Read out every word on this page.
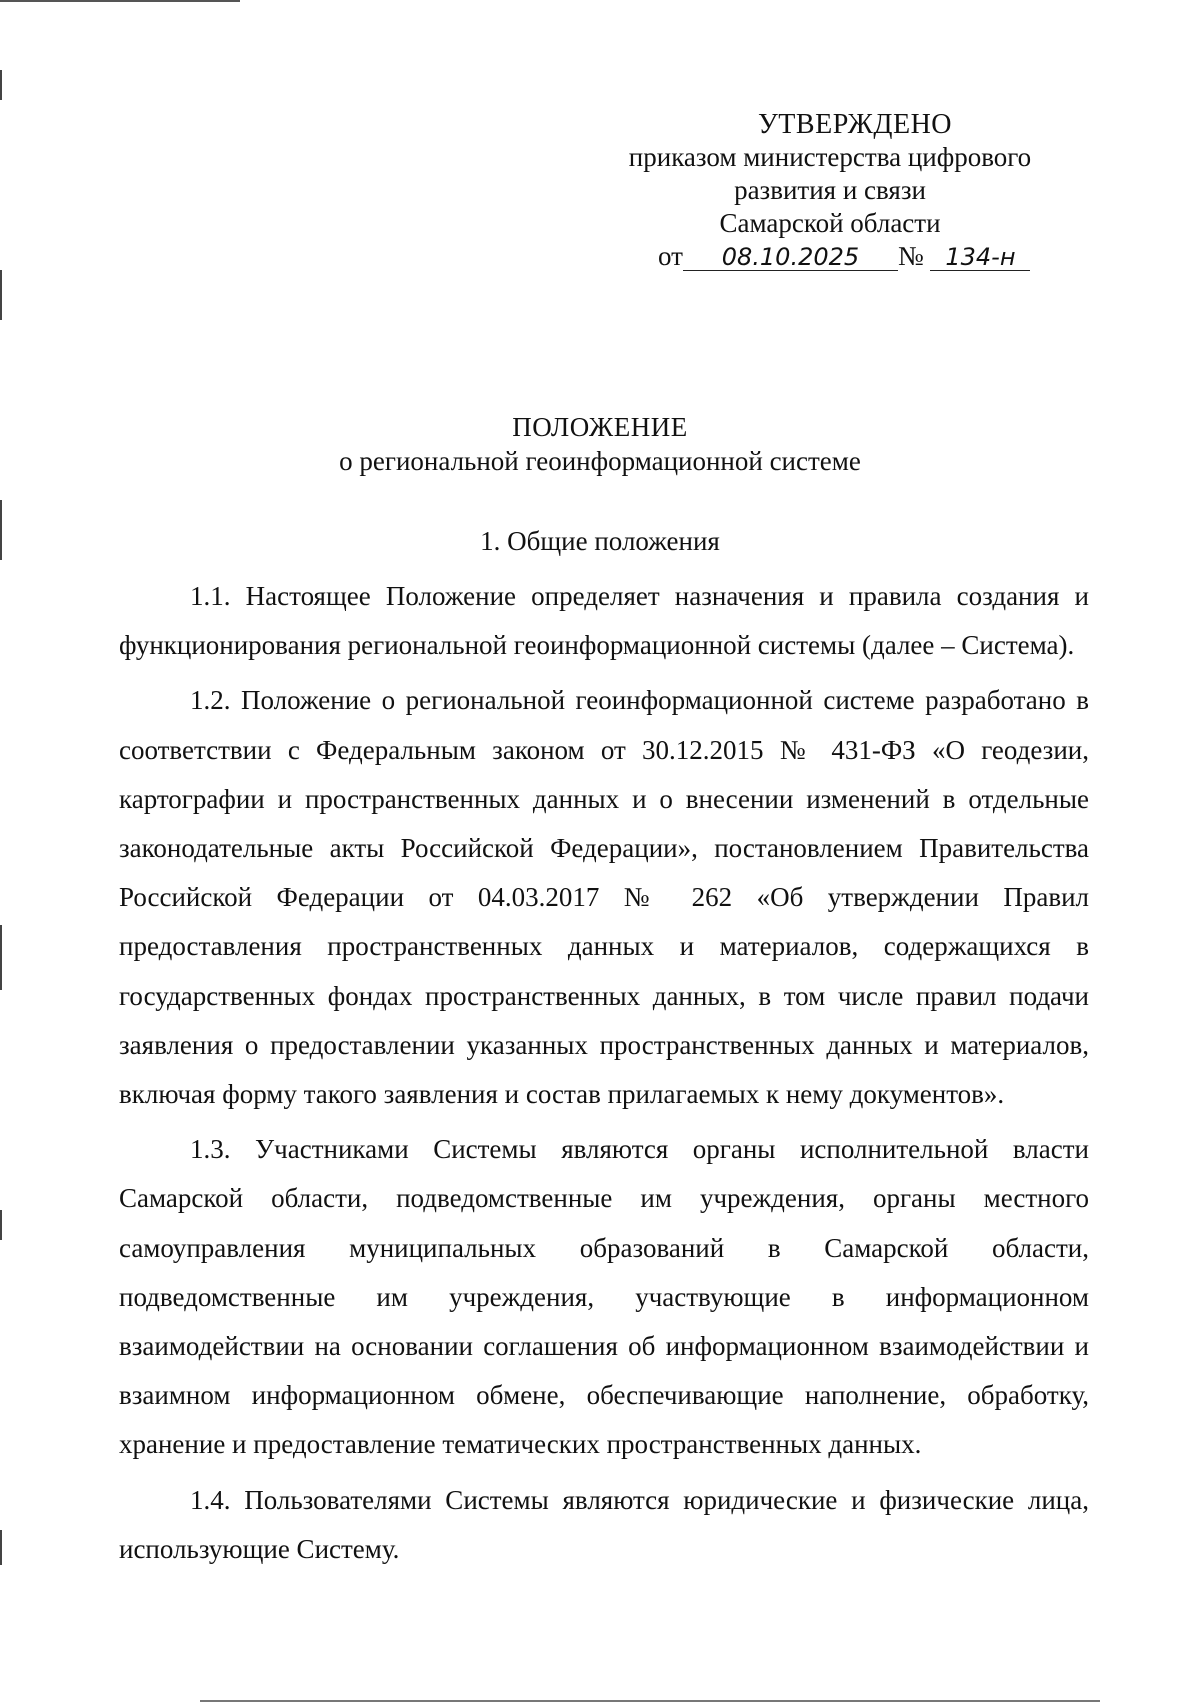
УТВЕРЖДЕНО
приказом министерства цифрового
развития и связи
Самарской области
от 08.10.2025 № 134-н
ПОЛОЖЕНИЕ
о региональной геоинформационной системе
1. Общие положения

1.1. Настоящее Положение определяет назначения и правила создания и функционирования региональной геоинформационной системы (далее – Система).

1.2. Положение о региональной геоинформационной системе разработано в соответствии с Федеральным законом от 30.12.2015 № 431-ФЗ «О геодезии, картографии и пространственных данных и о внесении изменений в отдельные законодательные акты Российской Федерации», постановлением Правительства Российской Федерации от 04.03.2017 № 262 «Об утверждении Правил предоставления пространственных данных и материалов, содержащихся в государственных фондах пространственных данных, в том числе правил подачи заявления о предоставлении указанных пространственных данных и материалов, включая форму такого заявления и состав прилагаемых к нему документов».

1.3. Участниками Системы являются органы исполнительной власти Самарской области, подведомственные им учреждения, органы местного самоуправления муниципальных образований в Самарской области, подведомственные им учреждения, участвующие в информационном взаимодействии на основании соглашения об информационном взаимодействии и взаимном информационном обмене, обеспечивающие наполнение, обработку, хранение и предоставление тематических пространственных данных.

1.4. Пользователями Системы являются юридические и физические лица, использующие Систему.
